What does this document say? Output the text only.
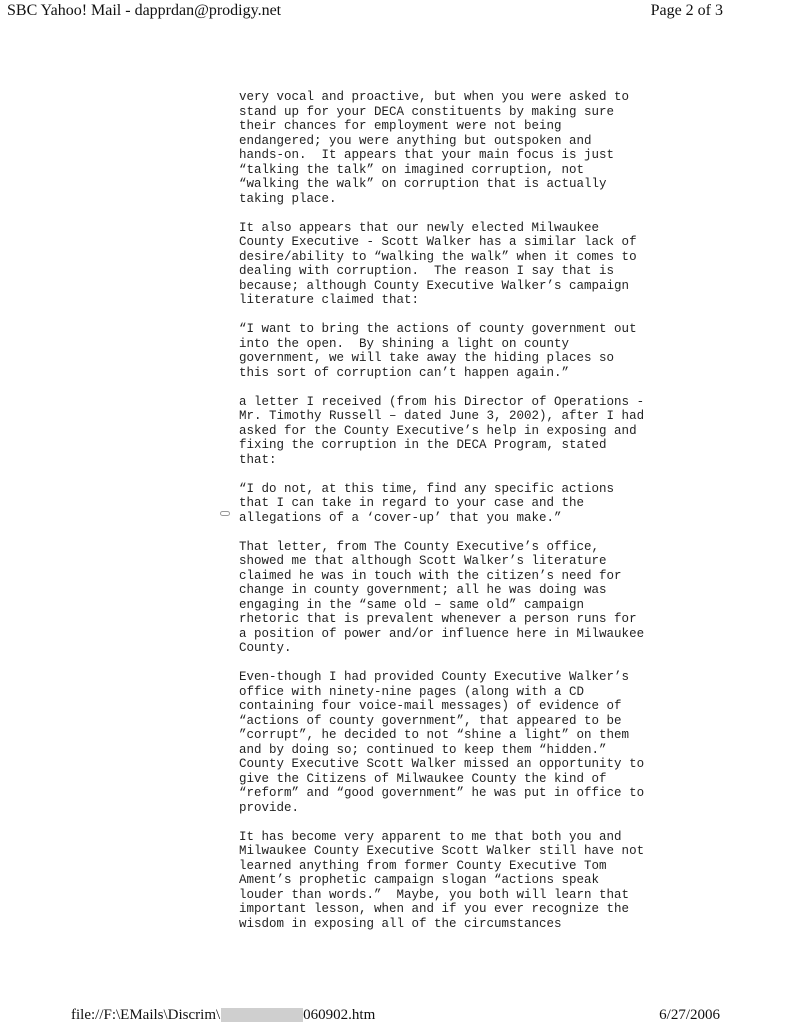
SBC Yahoo! Mail - dapprdan@prodigy.net	Page 2 of 3

very vocal and proactive, but when you were asked to
stand up for your DECA constituents by making sure
their chances for employment were not being
endangered; you were anything but outspoken and
hands-on.  It appears that your main focus is just
“talking the talk” on imagined corruption, not
“walking the walk” on corruption that is actually
taking place.

It also appears that our newly elected Milwaukee
County Executive - Scott Walker has a similar lack of
desire/ability to “walking the walk” when it comes to
dealing with corruption.  The reason I say that is
because; although County Executive Walker’s campaign
literature claimed that:

“I want to bring the actions of county government out
into the open.  By shining a light on county
government, we will take away the hiding places so
this sort of corruption can’t happen again.”

a letter I received (from his Director of Operations -
Mr. Timothy Russell – dated June 3, 2002), after I had
asked for the County Executive’s help in exposing and
fixing the corruption in the DECA Program, stated
that:

“I do not, at this time, find any specific actions
that I can take in regard to your case and the
allegations of a ‘cover-up’ that you make.”

That letter, from The County Executive’s office,
showed me that although Scott Walker’s literature
claimed he was in touch with the citizen’s need for
change in county government; all he was doing was
engaging in the “same old – same old” campaign
rhetoric that is prevalent whenever a person runs for
a position of power and/or influence here in Milwaukee
County.

Even-though I had provided County Executive Walker’s
office with ninety-nine pages (along with a CD
containing four voice-mail messages) of evidence of
“actions of county government”, that appeared to be
”corrupt”, he decided to not “shine a light” on them
and by doing so; continued to keep them “hidden.”
County Executive Scott Walker missed an opportunity to
give the Citizens of Milwaukee County the kind of
“reform” and “good government” he was put in office to
provide.

It has become very apparent to me that both you and
Milwaukee County Executive Scott Walker still have not
learned anything from former County Executive Tom
Ament’s prophetic campaign slogan “actions speak
louder than words.”  Maybe, you both will learn that
important lesson, when and if you ever recognize the
wisdom in exposing all of the circumstances

file://F:\EMails\Discrim\	060902.htm	6/27/2006
